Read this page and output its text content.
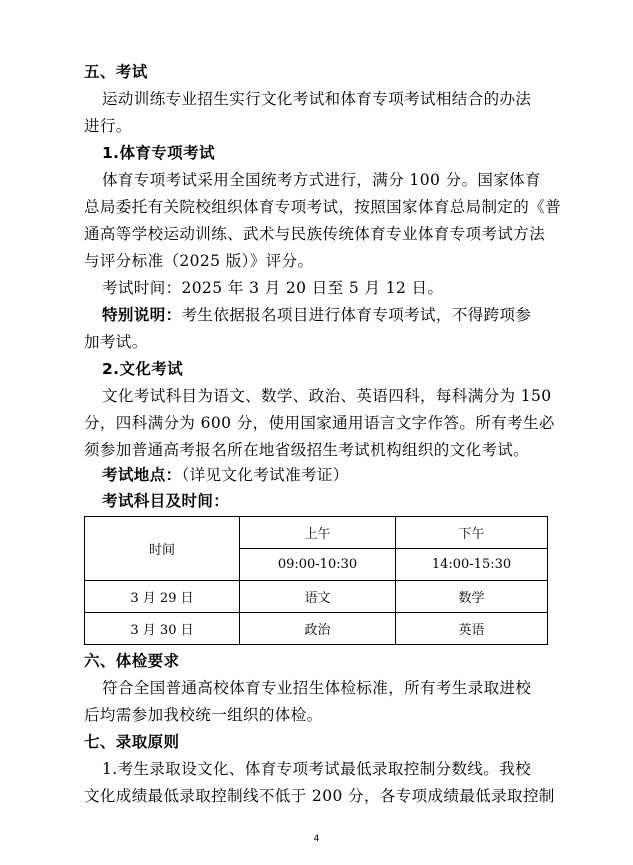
五、考试
运动训练专业招生实行文化考试和体育专项考试相结合的办法
进行。
1.体育专项考试
体育专项考试采用全国统考方式进行，满分 100 分。国家体育
总局委托有关院校组织体育专项考试，按照国家体育总局制定的《普
通高等学校运动训练、武术与民族传统体育专业体育专项考试方法
与评分标准（2025 版）》评分。
考试时间：2025 年 3 月 20 日至 5 月 12 日。
特别说明：考生依据报名项目进行体育专项考试，不得跨项参
加考试。
2.文化考试
文化考试科目为语文、数学、政治、英语四科，每科满分为 150
分，四科满分为 600 分，使用国家通用语言文字作答。所有考生必
须参加普通高考报名所在地省级招生考试机构组织的文化考试。
考试地点：（详见文化考试准考证）
考试科目及时间：
时间	上午	下午
	09:00-10:30	14:00-15:30
3 月 29 日	语文	数学
3 月 30 日	政治	英语
六、体检要求
符合全国普通高校体育专业招生体检标准，所有考生录取进校
后均需参加我校统一组织的体检。
七、录取原则
1.考生录取设文化、体育专项考试最低录取控制分数线。我校
文化成绩最低录取控制线不低于 200 分，各专项成绩最低录取控制
4
